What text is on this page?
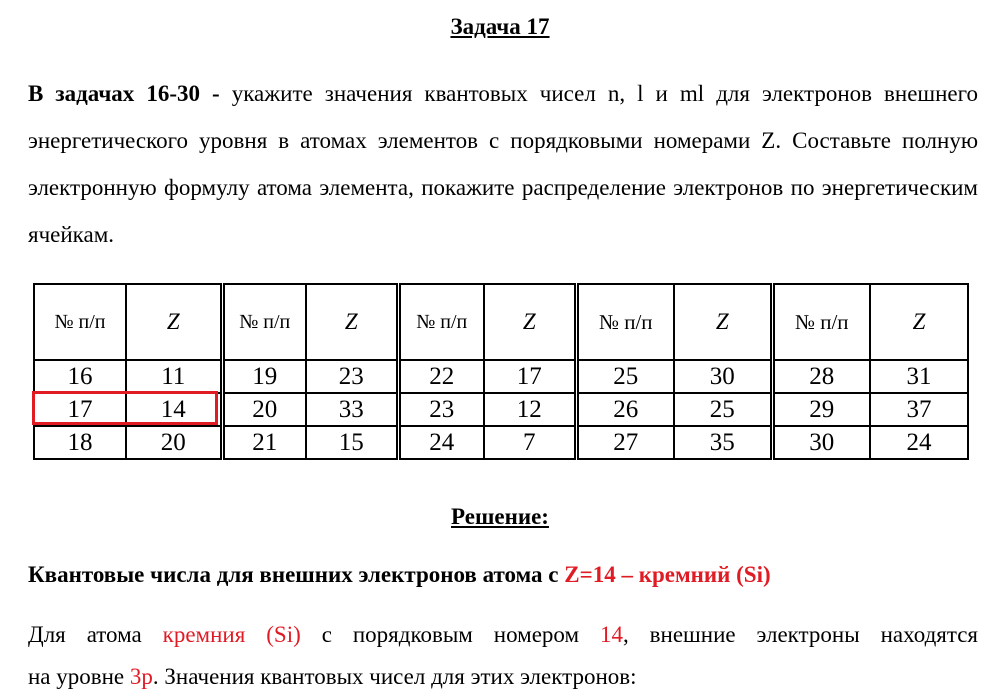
Задача 17

В задачах 16-30 - укажите значения квантовых чисел n, l и ml для электронов внешнего энергетического уровня в атомах элементов с порядковыми номерами Z. Составьте полную электронную формулу атома элемента, покажите распределение электронов по энергетическим ячейкам.

№ п/п	Z	№ п/п	Z	№ п/п	Z	№ п/п	Z	№ п/п	Z
16	11	19	23	22	17	25	30	28	31
17	14	20	33	23	12	26	25	29	37
18	20	21	15	24	7	27	35	30	24
Решение:

Квантовые числа для внешних электронов атома с Z=14 – кремний (Si)

Для атома кремния (Si) с порядковым номером 14, внешние электроны находятся

на уровне 3p. Значения квантовых чисел для этих электронов:
